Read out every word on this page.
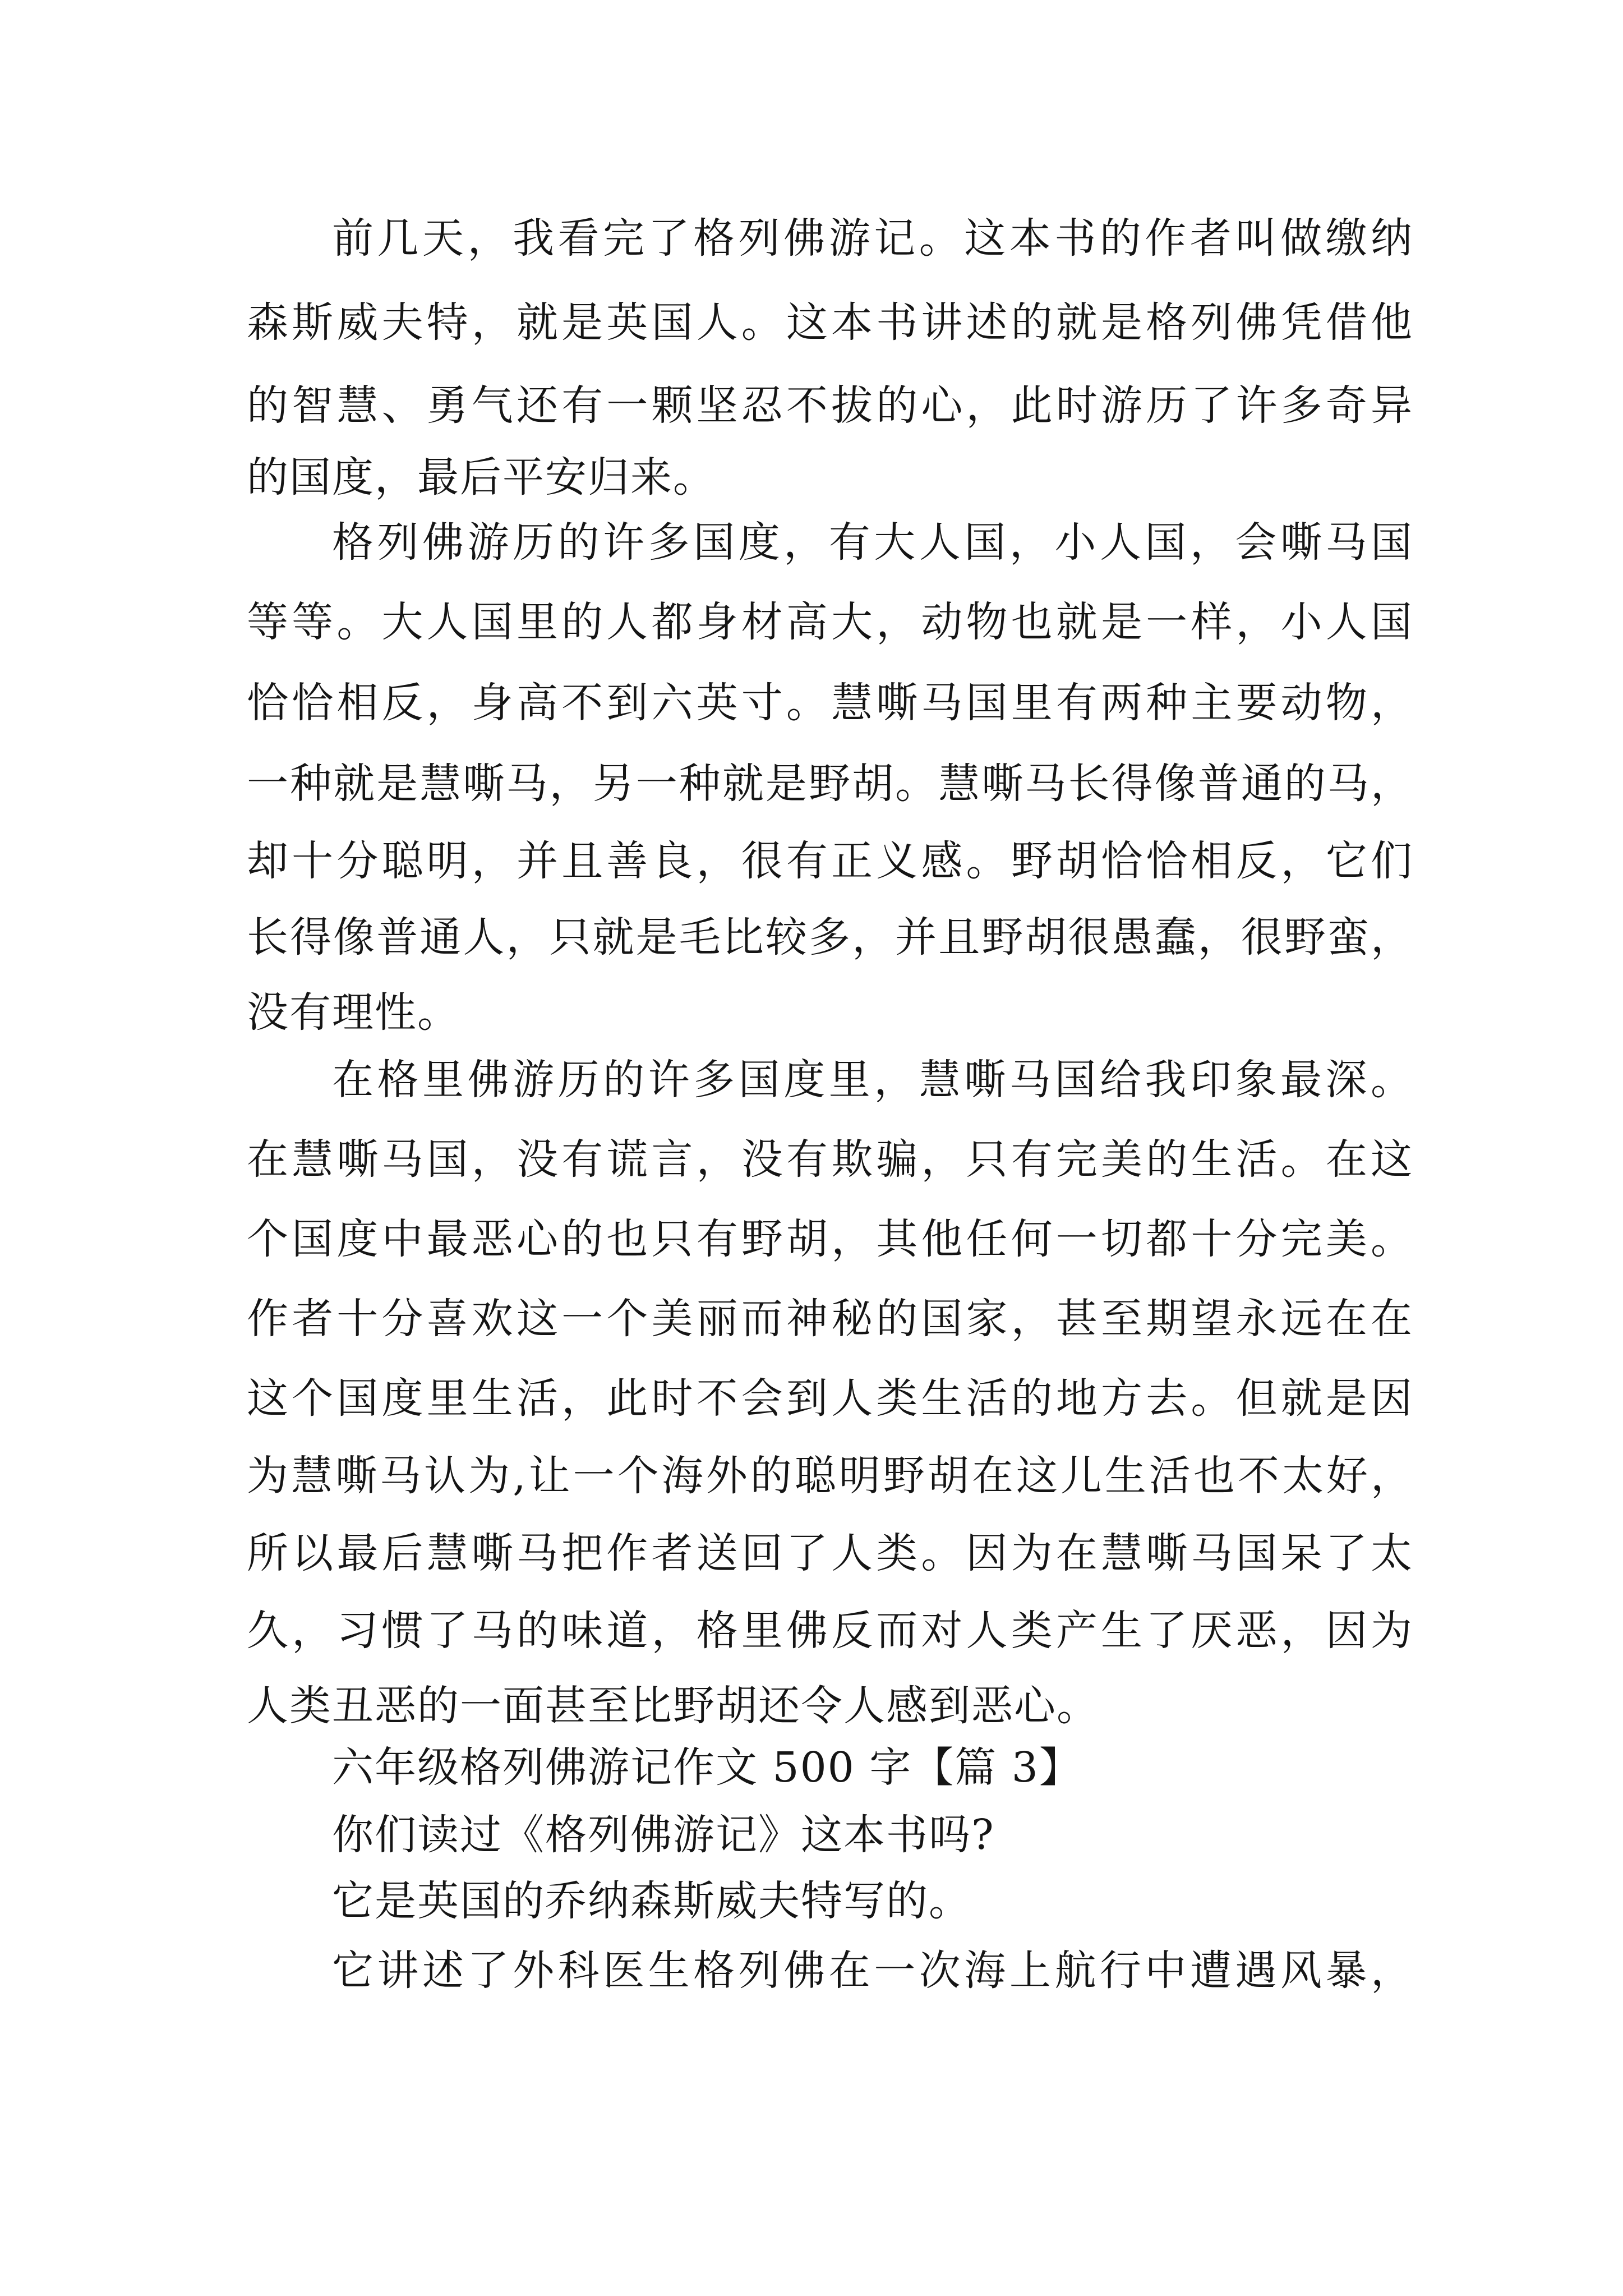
前几天，我看完了格列佛游记。这本书的作者叫做缴纳

森斯威夫特，就是英国人。这本书讲述的就是格列佛凭借他

的智慧、勇气还有一颗坚忍不拔的心，此时游历了许多奇异

的国度，最后平安归来。

格列佛游历的许多国度，有大人国，小人国，会嘶马国

等等。大人国里的人都身材高大，动物也就是一样，小人国

恰恰相反，身高不到六英寸。慧嘶马国里有两种主要动物，

一种就是慧嘶马，另一种就是野胡。慧嘶马长得像普通的马，

却十分聪明，并且善良，很有正义感。野胡恰恰相反，它们

长得像普通人，只就是毛比较多，并且野胡很愚蠢，很野蛮，

没有理性。

在格里佛游历的许多国度里，慧嘶马国给我印象最深。

在慧嘶马国，没有谎言，没有欺骗，只有完美的生活。在这

个国度中最恶心的也只有野胡，其他任何一切都十分完美。

作者十分喜欢这一个美丽而神秘的国家，甚至期望永远在在

这个国度里生活，此时不会到人类生活的地方去。但就是因

为慧嘶马认为,让一个海外的聪明野胡在这儿生活也不太好，

所以最后慧嘶马把作者送回了人类。因为在慧嘶马国呆了太

久，习惯了马的味道，格里佛反而对人类产生了厌恶，因为

人类丑恶的一面甚至比野胡还令人感到恶心。

六年级格列佛游记作文 500 字【篇 3】

你们读过《格列佛游记》这本书吗?

它是英国的乔纳森斯威夫特写的。

它讲述了外科医生格列佛在一次海上航行中遭遇风暴，
